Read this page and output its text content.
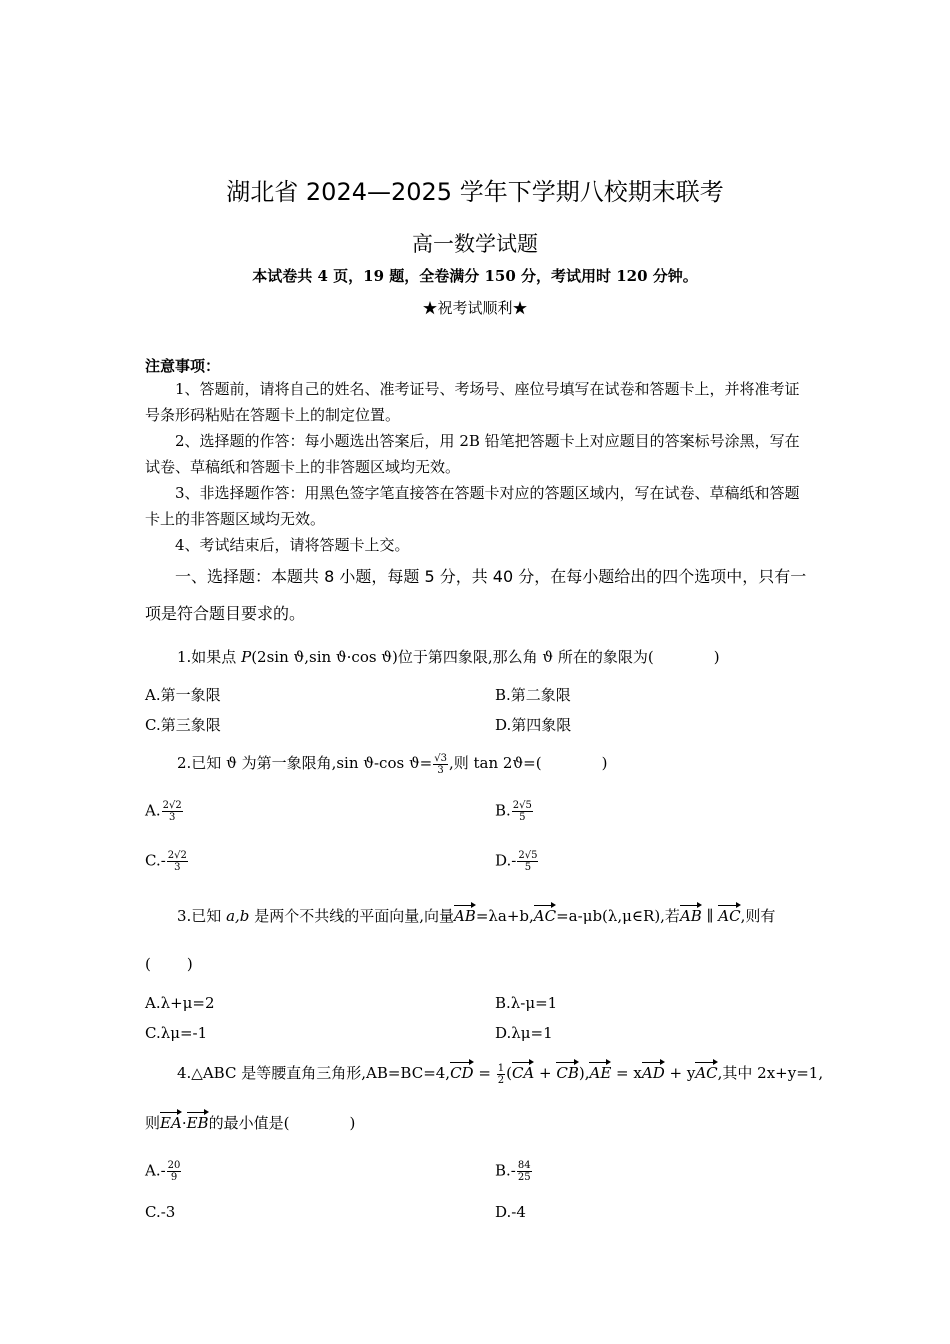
湖北省 2024—2025 学年下学期八校期末联考
高一数学试题
本试卷共 4 页，19 题，全卷满分 150 分，考试用时 120 分钟。
★祝考试顺利★
注意事项：
1、答题前，请将自己的姓名、准考证号、考场号、座位号填写在试卷和答题卡上，并将准考证号条形码粘贴在答题卡上的制定位置。
2、选择题的作答：每小题选出答案后，用 2B 铅笔把答题卡上对应题目的答案标号涂黑，写在试卷、草稿纸和答题卡上的非答题区域均无效。
3、非选择题作答：用黑色签字笔直接答在答题卡对应的答题区域内，写在试卷、草稿纸和答题卡上的非答题区域均无效。
4、考试结束后，请将答题卡上交。
一、选择题：本题共 8 小题，每题 5 分，共 40 分，在每小题给出的四个选项中，只有一项是符合题目要求的。
1.如果点 P(2sin ϑ,sin ϑ·cos ϑ)位于第四象限,那么角 ϑ 所在的象限为(	)
A.第一象限	B.第二象限
C.第三象限	D.第四象限
2.已知 ϑ 为第一象限角,sin ϑ-cos $ϑ= \frac{√3}{3}$ ,则 tan 2ϑ=(	)
A. $\frac{2√2}{3}$	B. $\frac{2√5}{5}$
$C.- \frac{2√2}{3}$	$D.- \frac{2√5}{5}$
3.已知 a,b 是两个不共线的平面向量,向量AB=λa+b,AC=a-μb(λ,μ∈R),若AB ∥ AC,则有
( )
A.λ+μ=2	B.λ-μ=1
C.λμ=-1	D.λμ=1
4.△ABC 是等腰直角三角形$,AB=BC=4,CD = \frac{1}{2} (CA + CB),AE$ = xAD + yAC,其中 2x+y=1,
则EA·EB的最小值是(	)
$A.- \frac{20}{9}$	$B.- \frac{84}{25}$
C.-3	D.-4
